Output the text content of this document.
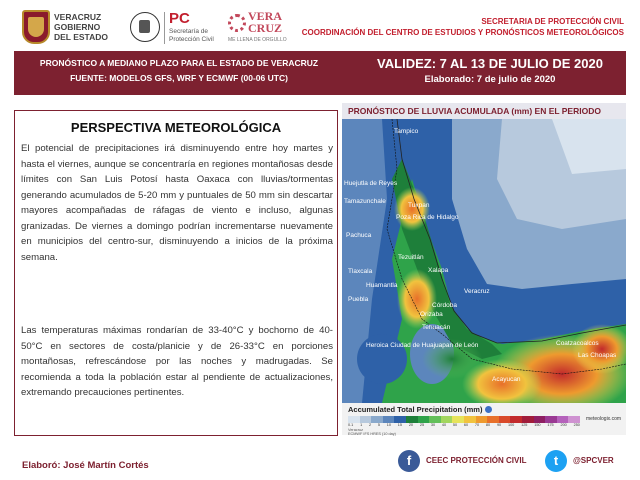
VERACRUZ
GOBIERNO
DEL ESTADO
PC
Secretaría de
Protección Civil
VERA
CRUZ
ME LLENA DE ORGULLO
SECRETARIA DE PROTECCIÓN CIVIL
COORDINACIÓN DEL CENTRO DE ESTUDIOS Y PRONÓSTICOS METEOROLÓGICOS
PRONÓSTICO A MEDIANO PLAZO PARA EL ESTADO DE VERACRUZ
FUENTE: MODELOS GFS, WRF Y ECMWF (00-06 UTC)
VALIDEZ: 7 AL 13 DE JULIO DE 2020
Elaborado: 7 de julio de 2020
PERSPECTIVA METEOROLÓGICA

El potencial de precipitaciones irá disminuyendo entre hoy martes y hasta el viernes, aunque se concentraría en regiones montañosas desde límites con San Luis Potosí hasta Oaxaca con lluvias/tormentas generando acumulados de 5-20 mm y puntuales de 50 mm sin descartar mayores acompañadas de ráfagas de viento e incluso, algunas granizadas. De viernes a domingo podrían incrementarse nuevamente en municipios del centro-sur, disminuyendo a inicios de la próxima semana.

Las temperaturas máximas rondarían de 33-40°C y bochorno de 40-50°C en sectores de costa/planicie y de 26-33°C en porciones montañosas, refrescándose por las noches y madrugadas. Se recomienda a toda la población estar al pendiente de actualizaciones, extremando precauciones pertinentes.

PRONÓSTICO DE LLUVIA ACUMULADA (mm) EN EL PERIODO
Tampico
Huejutla de Reyes
Tamazunchale
Poza Rica de Hidalgo
Tuxpan
Pachuca
Tezuitlán
Xalapa
Tlaxcala
Huamantla
Puebla
Veracruz
Córdoba
Orizaba
Tehuacán
Heroica Ciudad de Huajuapan de León
Acayucan
Coatzacoalcos
Las Choapas
Accumulated Total Precipitation (mm)
0.1 1 2 5 10 15 20 25 30 40 50 60 70 80 90 100 125 150 175 200 250
Veracruz
ECMWF IFS HRES (10 day)
meteologix.com
Elaboró: José Martín Cortés	f	CEEC PROTECCIÓN CIVIL	t	@SPCVER
